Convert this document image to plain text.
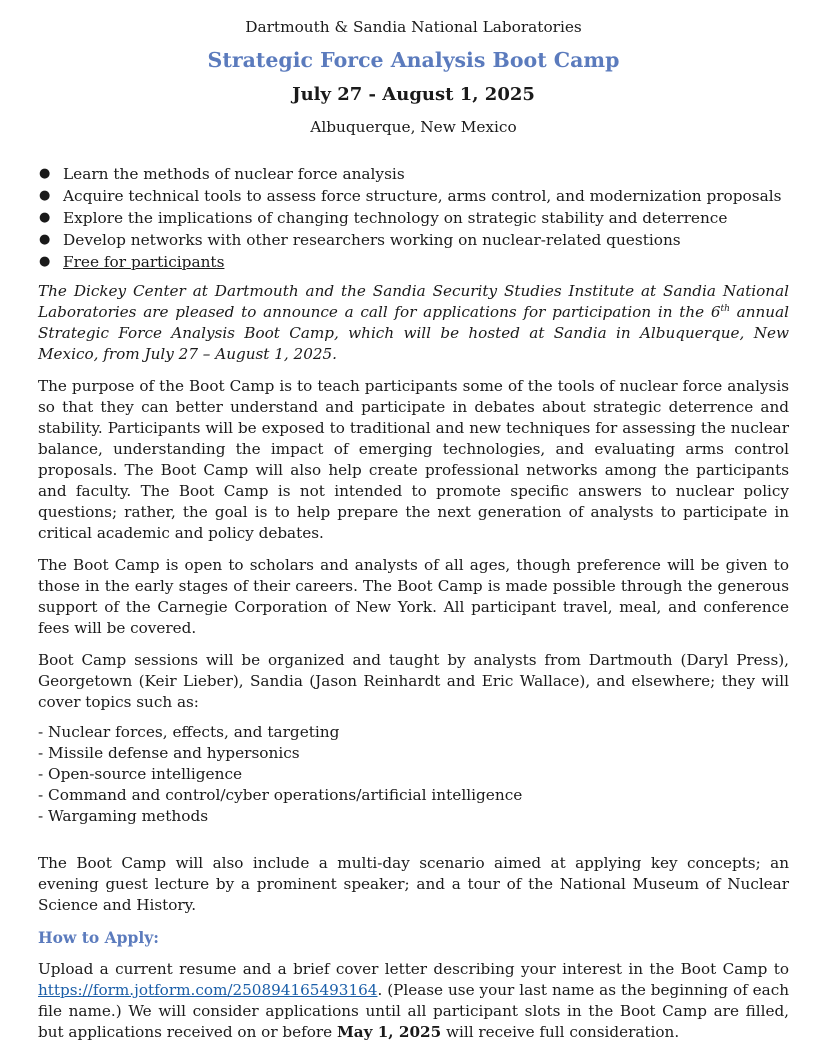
Dartmouth & Sandia National Laboratories
Strategic Force Analysis Boot Camp
July 27 - August 1, 2025
Albuquerque, New Mexico
● Learn the methods of nuclear force analysis
● Acquire technical tools to assess force structure, arms control, and modernization proposals
● Explore the implications of changing technology on strategic stability and deterrence
● Develop networks with other researchers working on nuclear-related questions
● Free for participants

The Dickey Center at Dartmouth and the Sandia Security Studies Institute at Sandia National Laboratories are pleased to announce a call for applications for participation in the 6th annual Strategic Force Analysis Boot Camp, which will be hosted at Sandia in Albuquerque, New Mexico, from July 27 – August 1, 2025.

The purpose of the Boot Camp is to teach participants some of the tools of nuclear force analysis so that they can better understand and participate in debates about strategic deterrence and stability. Participants will be exposed to traditional and new techniques for assessing the nuclear balance, understanding the impact of emerging technologies, and evaluating arms control proposals. The Boot Camp will also help create professional networks among the participants and faculty. The Boot Camp is not intended to promote specific answers to nuclear policy questions; rather, the goal is to help prepare the next generation of analysts to participate in critical academic and policy debates.

The Boot Camp is open to scholars and analysts of all ages, though preference will be given to those in the early stages of their careers. The Boot Camp is made possible through the generous support of the Carnegie Corporation of New York. All participant travel, meal, and conference fees will be covered.

Boot Camp sessions will be organized and taught by analysts from Dartmouth (Daryl Press), Georgetown (Keir Lieber), Sandia (Jason Reinhardt and Eric Wallace), and elsewhere; they will cover topics such as:

- Nuclear forces, effects, and targeting
- Missile defense and hypersonics
- Open-source intelligence
- Command and control/cyber operations/artificial intelligence
- Wargaming methods

The Boot Camp will also include a multi-day scenario aimed at applying key concepts; an evening guest lecture by a prominent speaker; and a tour of the National Museum of Nuclear Science and History.

How to Apply:

Upload a current resume and a brief cover letter describing your interest in the Boot Camp to https://form.jotform.com/250894165493164. (Please use your last name as the beginning of each file name.) We will consider applications until all participant slots in the Boot Camp are filled, but applications received on or before May 1, 2025 will receive full consideration.
